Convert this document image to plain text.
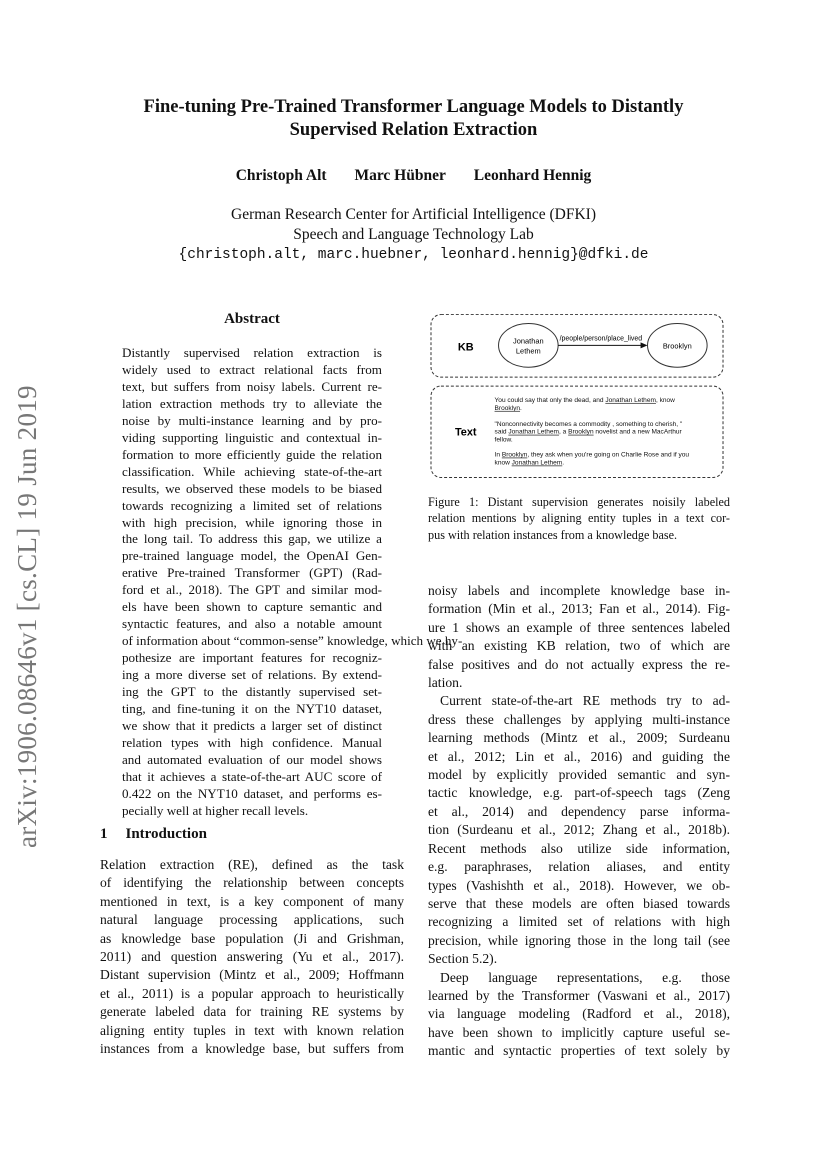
Fine-tuning Pre-Trained Transformer Language Models to Distantly
Supervised Relation Extraction
Christoph Alt Marc Hübner Leonhard Hennig
German Research Center for Artificial Intelligence (DFKI)
Speech and Language Technology Lab
{christoph.alt, marc.huebner, leonhard.hennig}@dfki.de
arXiv:1906.08646v1 [cs.CL] 19 Jun 2019
Abstract
Distantly supervised relation extraction is
widely used to extract relational facts from
text, but suffers from noisy labels. Current re-
lation extraction methods try to alleviate the
noise by multi-instance learning and by pro-
viding supporting linguistic and contextual in-
formation to more efficiently guide the relation
classification. While achieving state-of-the-art
results, we observed these models to be biased
towards recognizing a limited set of relations
with high precision, while ignoring those in
the long tail. To address this gap, we utilize a
pre-trained language model, the OpenAI Gen-
erative Pre-trained Transformer (GPT) (Rad-
ford et al., 2018). The GPT and similar mod-
els have been shown to capture semantic and
syntactic features, and also a notable amount
of information about “common-sense” knowledge, which we hy-
pothesize are important features for recogniz-
ing a more diverse set of relations. By extend-
ing the GPT to the distantly supervised set-
ting, and fine-tuning it on the NYT10 dataset,
we show that it predicts a larger set of distinct
relation types with high confidence. Manual
and automated evaluation of our model shows
that it achieves a state-of-the-art AUC score of
0.422 on the NYT10 dataset, and performs es-
pecially well at higher recall levels.
1 Introduction
Relation extraction (RE), defined as the task
of identifying the relationship between concepts
mentioned in text, is a key component of many
natural language processing applications, such
as knowledge base population (Ji and Grishman,
2011) and question answering (Yu et al., 2017).
Distant supervision (Mintz et al., 2009; Hoffmann
et al., 2011) is a popular approach to heuristically
generate labeled data for training RE systems by
aligning entity tuples in text with known relation
instances from a knowledge base, but suffers from
KB
Jonathan
Lethem
Brooklyn
/people/person/place_lived
Text
You could say that only the dead, and Jonathan Lethem, know
Brooklyn.
"Nonconnectivity becomes a commodity , something to cherish, "
said Jonathan Lethem, a Brooklyn novelist and a new MacArthur
fellow.
In Brooklyn, they ask when you're going on Charlie Rose and if you
know Jonathan Lethem.
Figure 1: Distant supervision generates noisily labeled
relation mentions by aligning entity tuples in a text cor-
pus with relation instances from a knowledge base.
noisy labels and incomplete knowledge base in-
formation (Min et al., 2013; Fan et al., 2014). Fig-
ure 1 shows an example of three sentences labeled
with an existing KB relation, two of which are
false positives and do not actually express the re-
lation.
Current state-of-the-art RE methods try to ad-
dress these challenges by applying multi-instance
learning methods (Mintz et al., 2009; Surdeanu
et al., 2012; Lin et al., 2016) and guiding the
model by explicitly provided semantic and syn-
tactic knowledge, e.g. part-of-speech tags (Zeng
et al., 2014) and dependency parse informa-
tion (Surdeanu et al., 2012; Zhang et al., 2018b).
Recent methods also utilize side information,
e.g. paraphrases, relation aliases, and entity
types (Vashishth et al., 2018). However, we ob-
serve that these models are often biased towards
recognizing a limited set of relations with high
precision, while ignoring those in the long tail (see
Section 5.2).
Deep language representations, e.g. those
learned by the Transformer (Vaswani et al., 2017)
via language modeling (Radford et al., 2018),
have been shown to implicitly capture useful se-
mantic and syntactic properties of text solely by
